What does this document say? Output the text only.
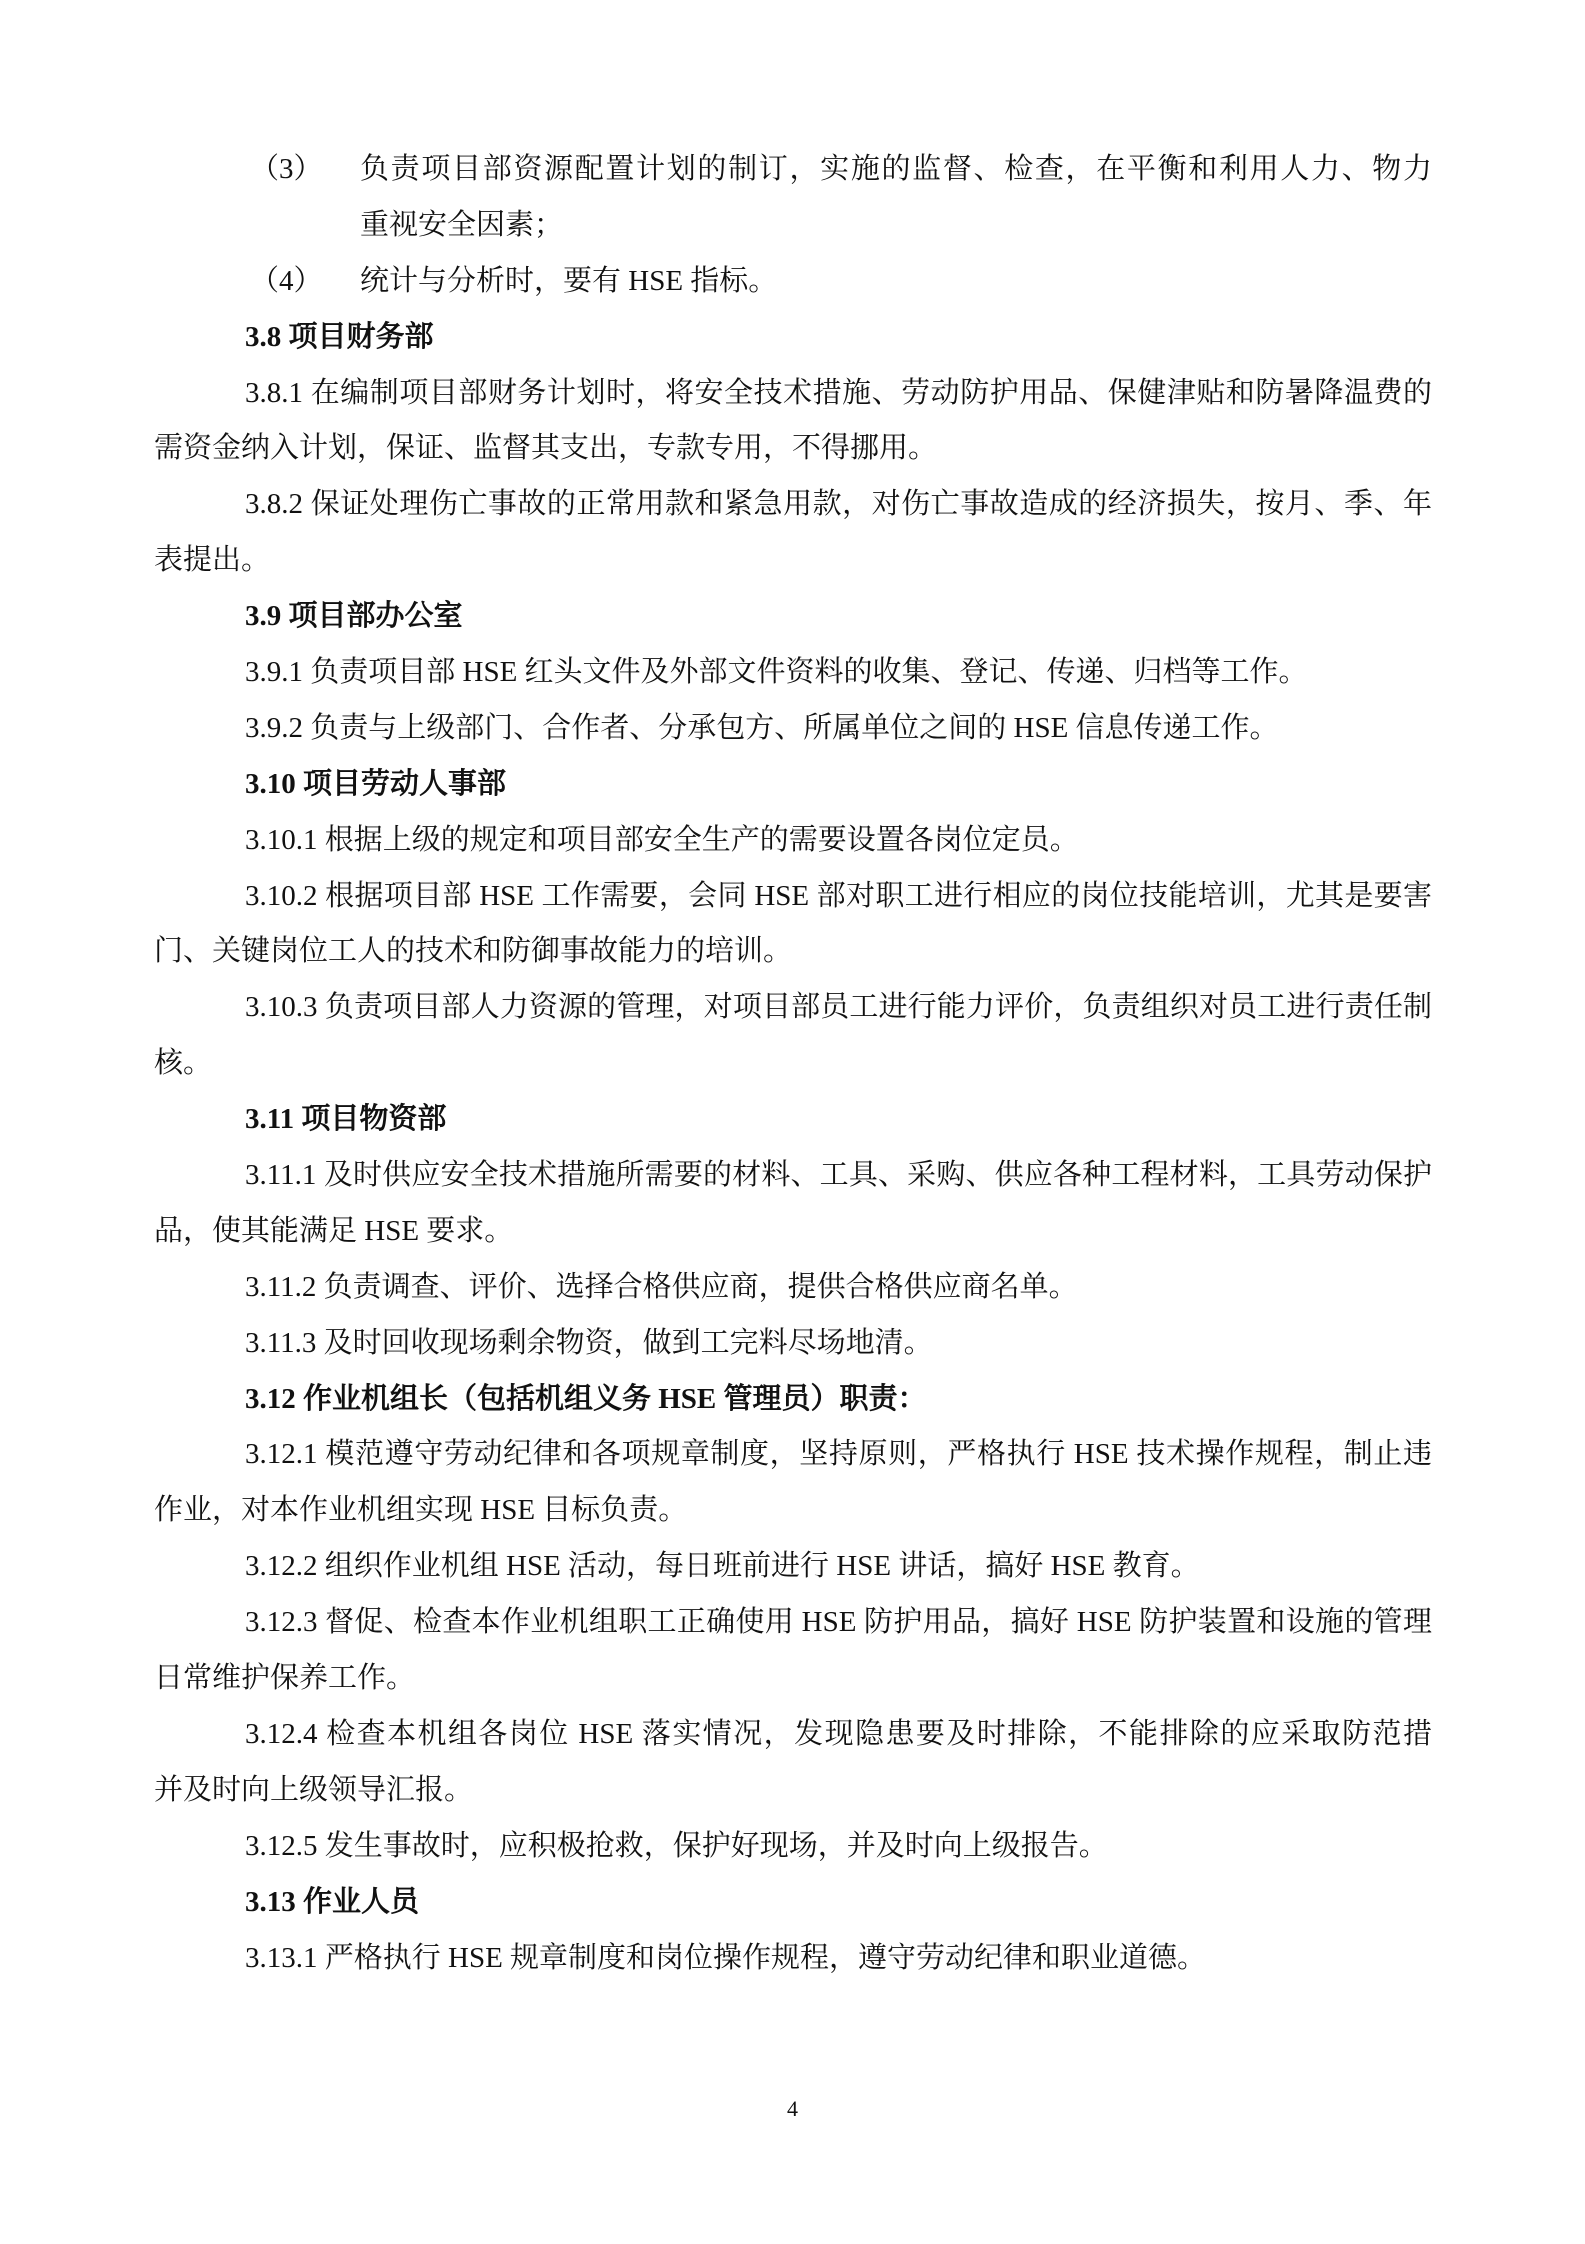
（3） 负责项目部资源配置计划的制订，实施的监督、检查，在平衡和利用人力、物力
重视安全因素；
（4） 统计与分析时，要有 HSE 指标。
3.8 项目财务部
3.8.1 在编制项目部财务计划时，将安全技术措施、劳动防护用品、保健津贴和防暑降温费的
需资金纳入计划，保证、监督其支出，专款专用，不得挪用。
3.8.2 保证处理伤亡事故的正常用款和紧急用款，对伤亡事故造成的经济损失，按月、季、年
表提出。
3.9 项目部办公室
3.9.1 负责项目部 HSE 红头文件及外部文件资料的收集、登记、传递、归档等工作。
3.9.2 负责与上级部门、合作者、分承包方、所属单位之间的 HSE 信息传递工作。
3.10 项目劳动人事部
3.10.1 根据上级的规定和项目部安全生产的需要设置各岗位定员。
3.10.2 根据项目部 HSE 工作需要，会同 HSE 部对职工进行相应的岗位技能培训，尤其是要害
门、关键岗位工人的技术和防御事故能力的培训。
3.10.3 负责项目部人力资源的管理，对项目部员工进行能力评价，负责组织对员工进行责任制
核。
3.11 项目物资部
3.11.1 及时供应安全技术措施所需要的材料、工具、采购、供应各种工程材料，工具劳动保护
品，使其能满足 HSE 要求。
3.11.2 负责调查、评价、选择合格供应商，提供合格供应商名单。
3.11.3 及时回收现场剩余物资，做到工完料尽场地清。
3.12 作业机组长（包括机组义务 HSE 管理员）职责：
3.12.1 模范遵守劳动纪律和各项规章制度，坚持原则，严格执行 HSE 技术操作规程，制止违
作业，对本作业机组实现 HSE 目标负责。
3.12.2 组织作业机组 HSE 活动，每日班前进行 HSE 讲话，搞好 HSE 教育。
3.12.3 督促、检查本作业机组职工正确使用 HSE 防护用品，搞好 HSE 防护装置和设施的管理
日常维护保养工作。
3.12.4 检查本机组各岗位 HSE 落实情况，发现隐患要及时排除，不能排除的应采取防范措
并及时向上级领导汇报。
3.12.5 发生事故时，应积极抢救，保护好现场，并及时向上级报告。
3.13 作业人员
3.13.1 严格执行 HSE 规章制度和岗位操作规程，遵守劳动纪律和职业道德。
4
